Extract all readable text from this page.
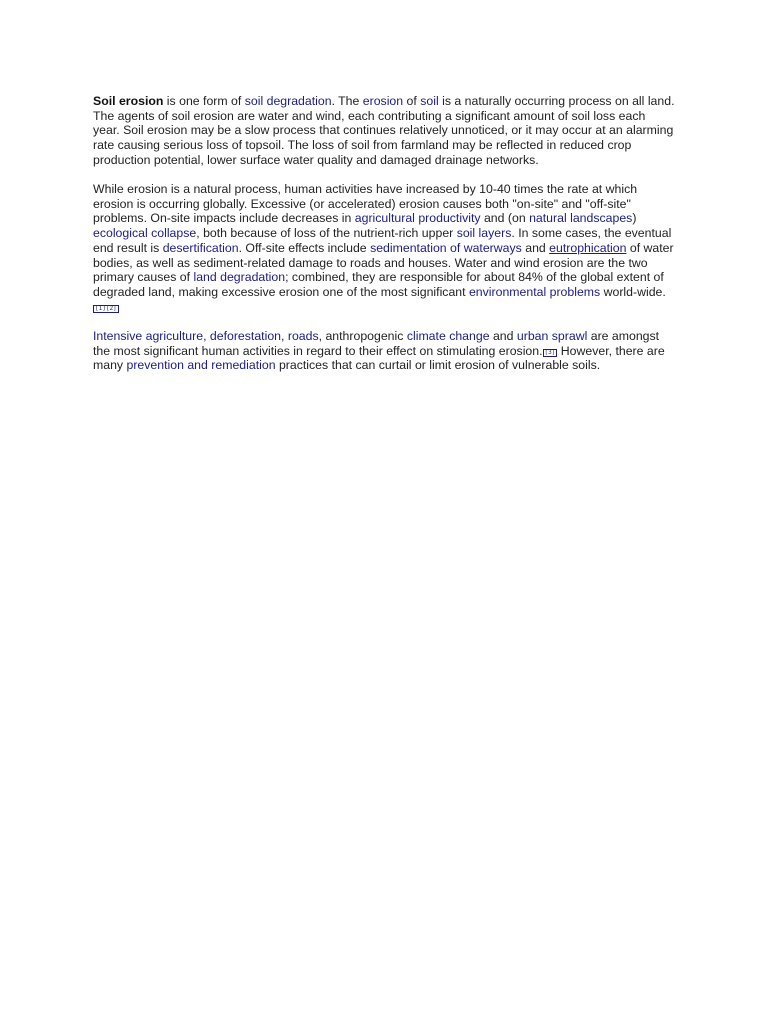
Soil erosion is one form of soil degradation. The erosion of soil is a naturally occurring process on all land. The agents of soil erosion are water and wind, each contributing a significant amount of soil loss each year. Soil erosion may be a slow process that continues relatively unnoticed, or it may occur at an alarming rate causing serious loss of topsoil. The loss of soil from farmland may be reflected in reduced crop production potential, lower surface water quality and damaged drainage networks.

While erosion is a natural process, human activities have increased by 10-40 times the rate at which erosion is occurring globally. Excessive (or accelerated) erosion causes both "on-site" and "off-site" problems. On-site impacts include decreases in agricultural productivity and (on natural landscapes) ecological collapse, both because of loss of the nutrient-rich upper soil layers. In some cases, the eventual end result is desertification. Off-site effects include sedimentation of waterways and eutrophication of water bodies, as well as sediment-related damage to roads and houses. Water and wind erosion are the two primary causes of land degradation; combined, they are responsible for about 84% of the global extent of degraded land, making excessive erosion one of the most significant environmental problems world-wide.[1][2]

Intensive agriculture, deforestation, roads, anthropogenic climate change and urban sprawl are amongst the most significant human activities in regard to their effect on stimulating erosion. [3] However, there are many prevention and remediation practices that can curtail or limit erosion of vulnerable soils.
